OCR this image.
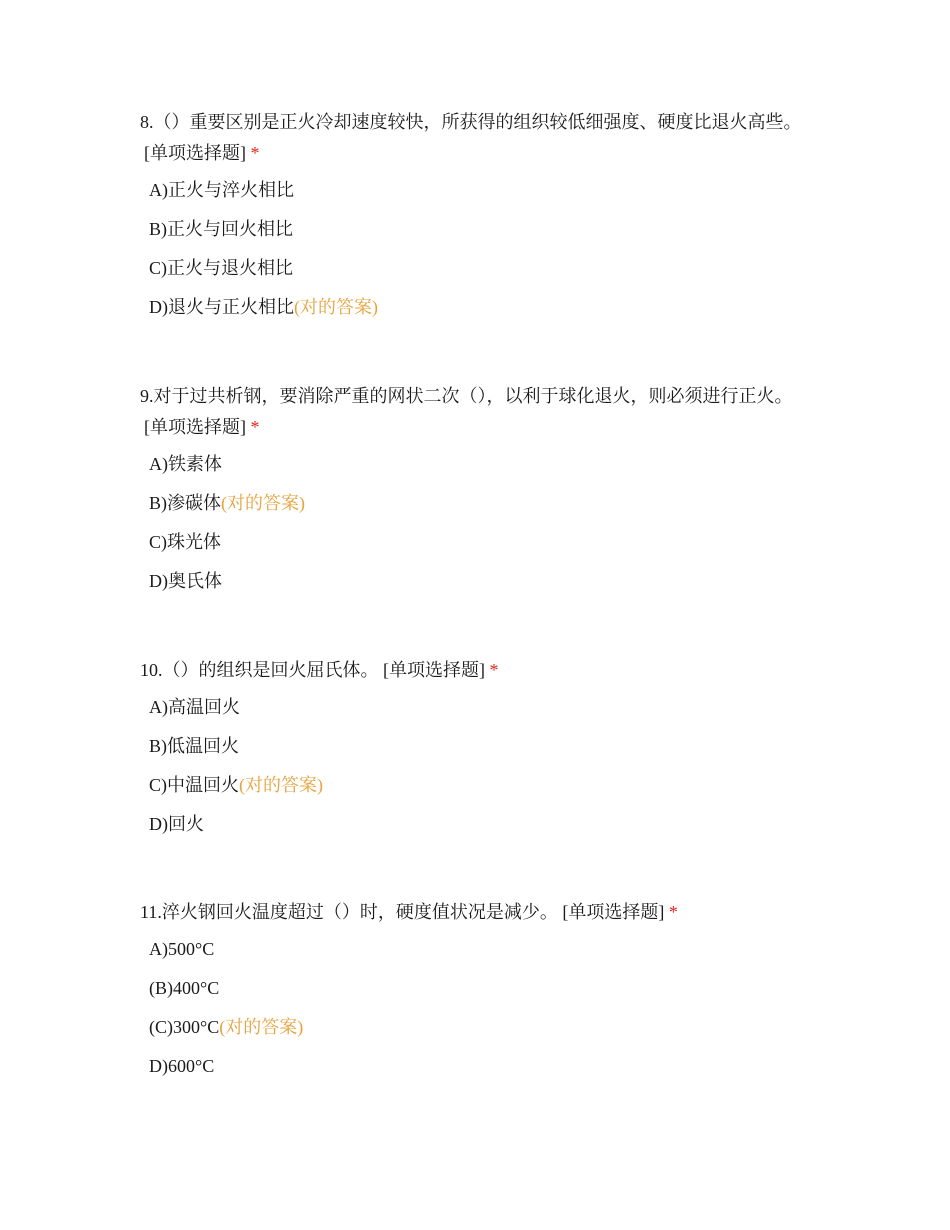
8.（）重要区别是正火冷却速度较快，所获得的组织较低细强度、硬度比退火高些。
[单项选择题] *

A)正火与淬火相比
B)正火与回火相比
C)正火与退火相比
D)退火与正火相比(对的答案)

9.对于过共析钢，要消除严重的网状二次（），以利于球化退火，则必须进行正火。
[单项选择题] *

A)铁素体
B)渗碳体(对的答案)
C)珠光体
D)奥氏体

10.（）的组织是回火屈氏体。 [单项选择题] *

A)高温回火
B)低温回火
C)中温回火(对的答案)
D)回火

11.淬火钢回火温度超过（）时，硬度值状况是减少。 [单项选择题] *

A)500°C
(B)400°C
(C)300°C(对的答案)
D)600°C
